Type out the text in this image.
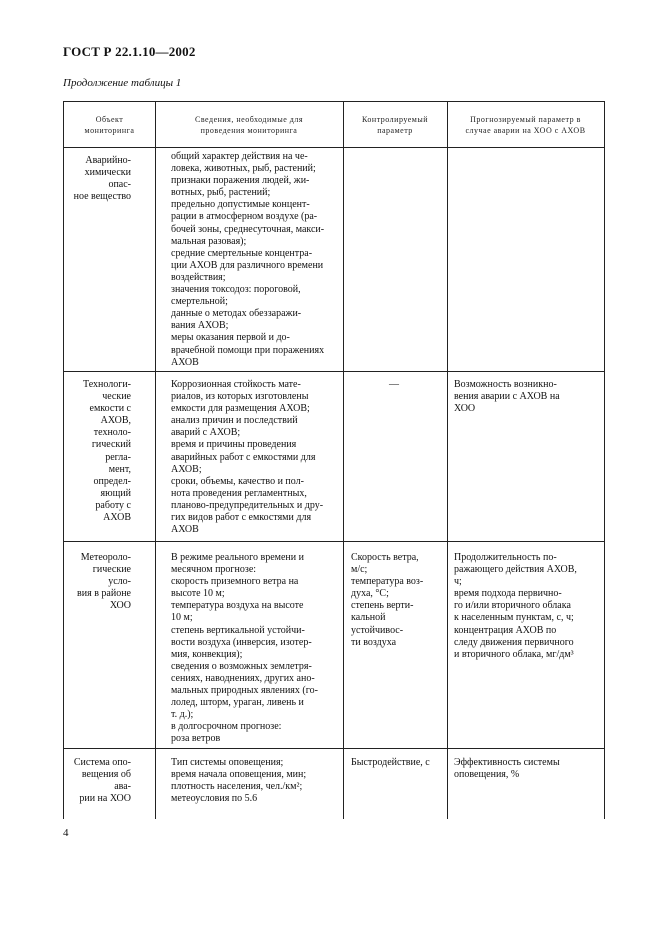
ГОСТ Р 22.1.10—2002
Продолжение таблицы 1
Объект
мониторинга
Сведения, необходимые для
проведения мониторинга
Контролируемый
параметр
Прогнозируемый параметр в
случае аварии на ХОО с АХОВ
Аварийно-
химически опас-
ное вещество
общий характер действия на че-
ловека, животных, рыб, растений;
признаки поражения людей, жи-
вотных, рыб, растений;
предельно допустимые концент-
рации в атмосферном воздухе (ра-
бочей зоны, среднесуточная, макси-
мальная разовая);
средние смертельные концентра-
ции АХОВ для различного времени
воздействия;
значения токсодоз: пороговой,
смертельной;
данные о методах обеззаражи-
вания АХОВ;
меры оказания первой и до-
врачебной помощи при поражениях
АХОВ
Технологи-
ческие емкости с
АХОВ, техноло-
гический регла-
мент, определ-
яющий работу с
АХОВ
Коррозионная стойкость мате-
риалов, из которых изготовлены
емкости для размещения АХОВ;
анализ причин и последствий
аварий с АХОВ;
время и причины проведения
аварийных работ с емкостями для
АХОВ;
сроки, объемы, качество и пол-
нота проведения регламентных,
планово-предупредительных и дру-
гих видов работ с емкостями для
АХОВ
—	Возможность возникно-
вения аварии с АХОВ на
ХОО
Метеороло-
гические усло-
вия в районе
ХОО
В режиме реального времени и
месячном прогнозе:
скорость приземного ветра на
высоте 10 м;
температура воздуха на высоте
10 м;
степень вертикальной устойчи-
вости воздуха (инверсия, изотер-
мия, конвекция);
сведения о возможных землетря-
сениях, наводнениях, других ано-
мальных природных явлениях (го-
лолед, шторм, ураган, ливень и
т. д.);
в долгосрочном прогнозе:
роза ветров
Скорость ветра,
м/с;
температура воз-
духа, °С;
степень верти-
кальной устойчивос-
ти воздуха
Продолжительность по-
ражающего действия АХОВ,
ч;
время подхода первично-
го и/или вторичного облака
к населенным пунктам, с, ч;
концентрация АХОВ по
следу движения первичного
и вторичного облака, мг/дм³
Система опо-
вещения об ава-
рии на ХОО
Тип системы оповещения;
время начала оповещения, мин;
плотность населения, чел./км²;
метеоусловия по 5.6
Быстродействие, с	Эффективность системы
оповещения, %
4
